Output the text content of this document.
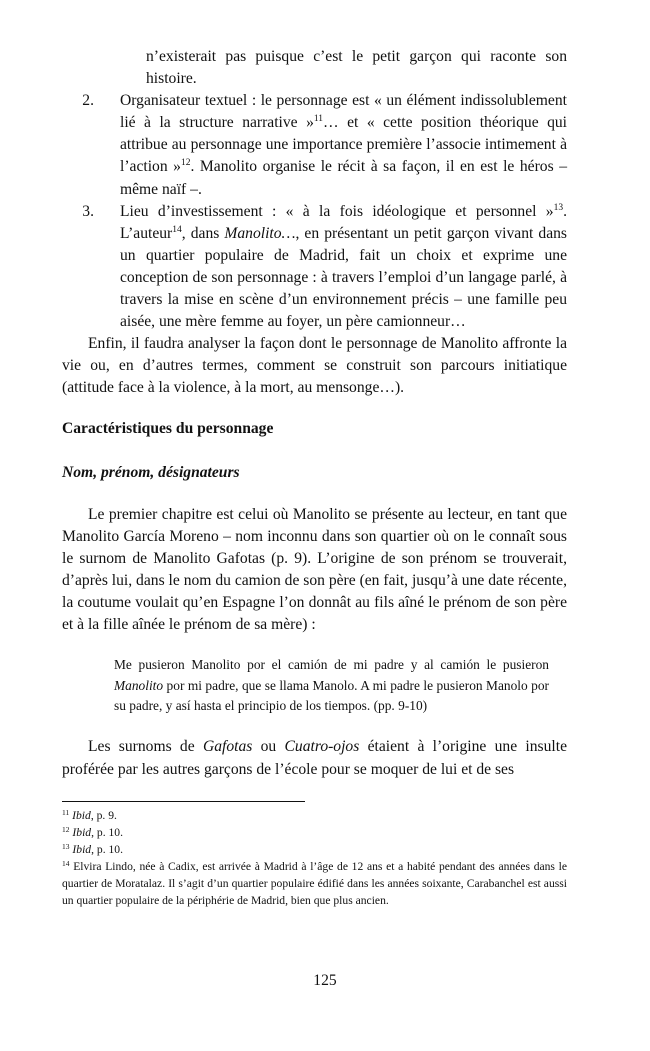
n’existerait pas puisque c’est le petit garçon qui raconte son histoire.

2.	Organisateur textuel : le personnage est « un élément indissolublement lié à la structure narrative »$^{11}$… et « cette position théorique qui attribue au personnage une importance première l’associe intimement à l’action »$^{12}$. Manolito organise le récit à sa façon, il en est le héros – même naïf –.

3.	Lieu d’investissement : « à la fois idéologique et personnel »$^{13}$. L’auteur$^{14}$, dans Manolito…, en présentant un petit garçon vivant dans un quartier populaire de Madrid, fait un choix et exprime une conception de son personnage : à travers l’emploi d’un langage parlé, à travers la mise en scène d’un environnement précis – une famille peu aisée, une mère femme au foyer, un père camionneur…

Enfin, il faudra analyser la façon dont le personnage de Manolito affronte la vie ou, en d’autres termes, comment se construit son parcours initiatique (attitude face à la violence, à la mort, au mensonge…).

Caractéristiques du personnage

Nom, prénom, désignateurs

Le premier chapitre est celui où Manolito se présente au lecteur, en tant que Manolito García Moreno – nom inconnu dans son quartier où on le connaît sous le surnom de Manolito Gafotas (p. 9). L’origine de son prénom se trouverait, d’après lui, dans le nom du camion de son père (en fait, jusqu’à une date récente, la coutume voulait qu’en Espagne l’on donnât au fils aîné le prénom de son père et à la fille aînée le prénom de sa mère) :

Me pusieron Manolito por el camión de mi padre y al camión le pusieron Manolito por mi padre, que se llama Manolo. A mi padre le pusieron Manolo por su padre, y así hasta el principio de los tiempos. (pp. 9-10)

Les surnoms de Gafotas ou Cuatro-ojos étaient à l’origine une insulte proférée par les autres garçons de l’école pour se moquer de lui et de ses

$^{11}$ Ibid, p. 9.
$^{12}$ Ibid, p. 10.
$^{13}$ Ibid, p. 10.
$^{14}$ Elvira Lindo, née à Cadix, est arrivée à Madrid à l’âge de 12 ans et a habité pendant des années dans le quartier de Moratalaz. Il s’agit d’un quartier populaire édifié dans les années soixante, Carabanchel est aussi un quartier populaire de la périphérie de Madrid, bien que plus ancien.
125
